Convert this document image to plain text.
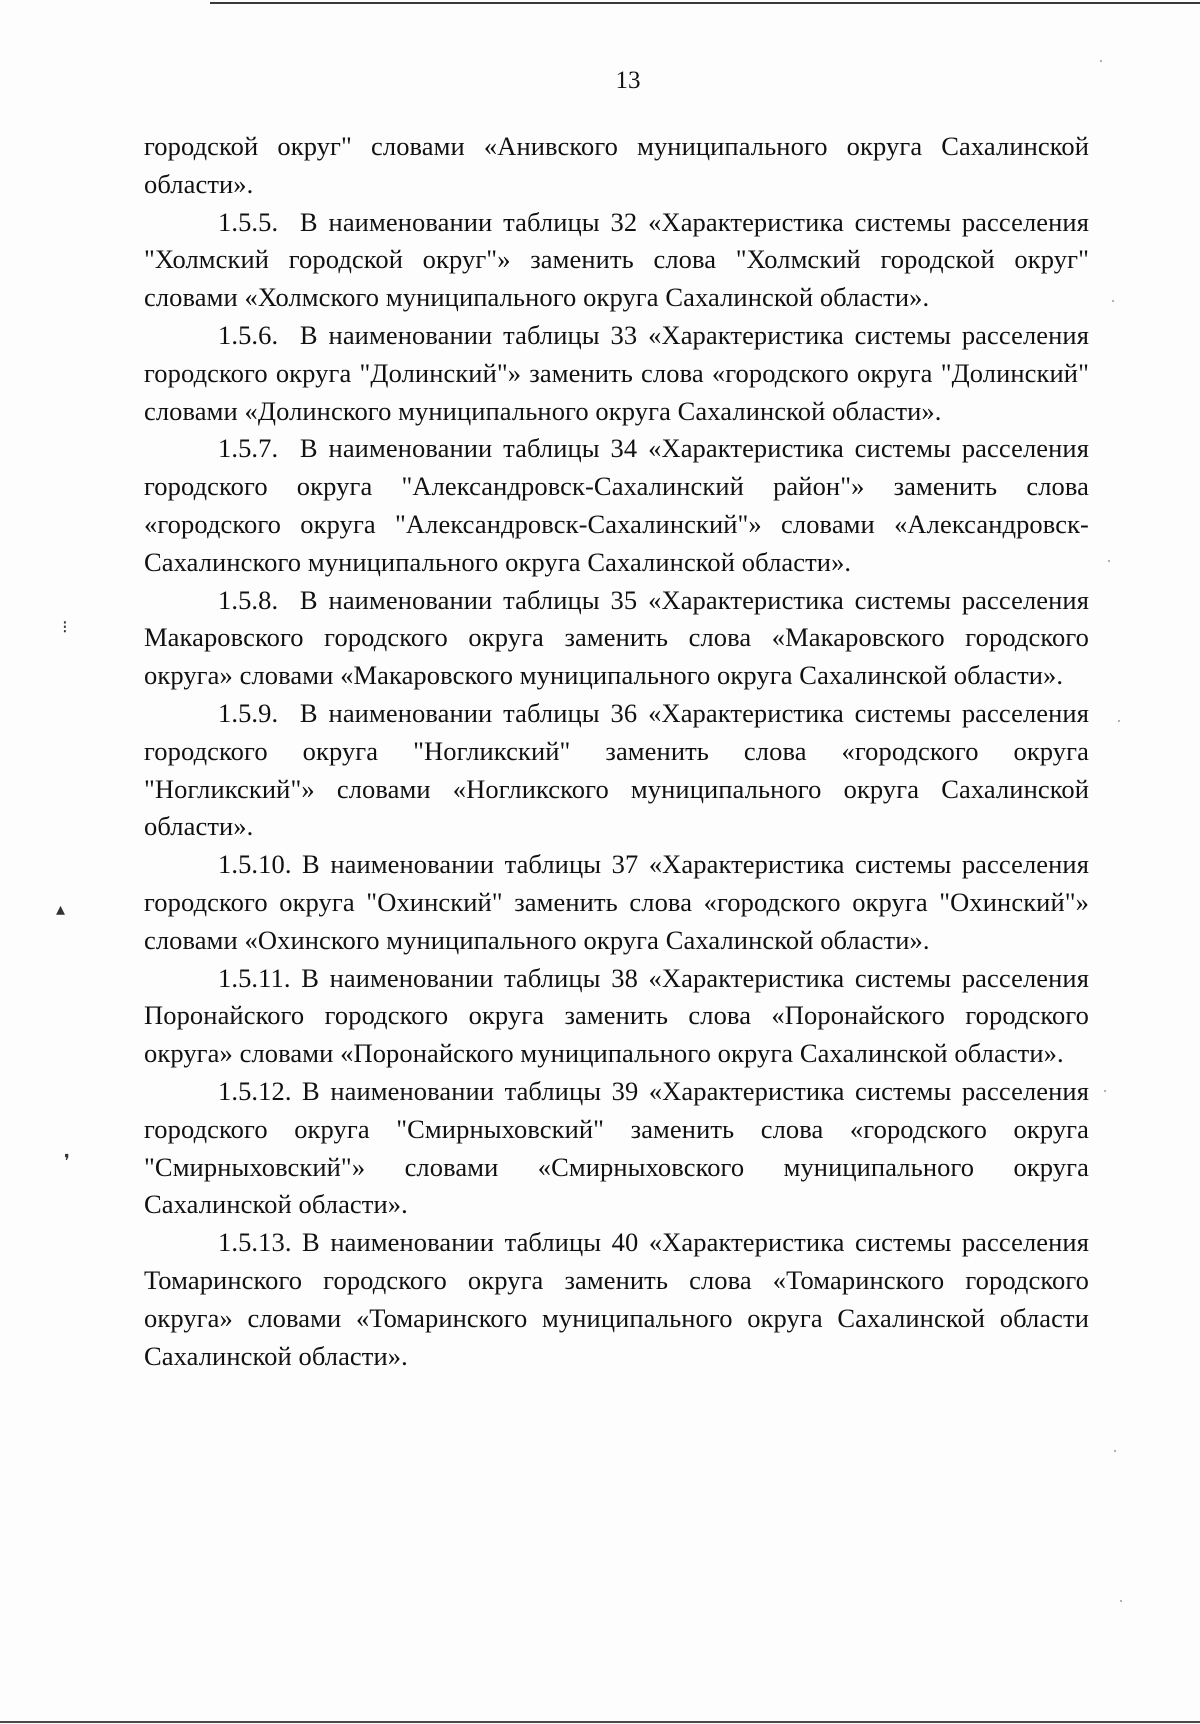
13

городской округ" словами «Анивского муниципального округа Сахалинской области».

1.5.5.  В наименовании таблицы 32 «Характеристика системы расселения "Холмский городской округ"» заменить слова "Холмский городской округ" словами «Холмского муниципального округа Сахалинской области».

1.5.6.  В наименовании таблицы 33 «Характеристика системы расселения городского округа "Долинский"» заменить слова «городского округа "Долинский" словами «Долинского муниципального округа Сахалинской области».

1.5.7.  В наименовании таблицы 34 «Характеристика системы расселения городского округа "Александровск-Сахалинский район"» заменить слова «городского округа "Александровск-Сахалинский"» словами «Александровск-Сахалинского муниципального округа Сахалинской области».

1.5.8.  В наименовании таблицы 35 «Характеристика системы расселения Макаровского городского округа заменить слова «Макаровского городского округа» словами «Макаровского муниципального округа Сахалинской области».

1.5.9.  В наименовании таблицы 36 «Характеристика системы расселения городского округа "Ногликский" заменить слова «городского округа "Ногликский"» словами «Ногликского муниципального округа Сахалинской области».

1.5.10. В наименовании таблицы 37 «Характеристика системы расселения городского округа "Охинский" заменить слова «городского округа "Охинский"» словами «Охинского муниципального округа Сахалинской области».

1.5.11. В наименовании таблицы 38 «Характеристика системы расселения Поронайского городского округа заменить слова «Поронайского городского округа» словами «Поронайского муниципального округа Сахалинской области».

1.5.12. В наименовании таблицы 39 «Характеристика системы расселения городского округа "Смирныховский" заменить слова «городского округа "Смирныховский"» словами «Смирныховского муниципального округа Сахалинской области».

1.5.13. В наименовании таблицы 40 «Характеристика системы расселения Томаринского городского округа заменить слова «Томаринского городского округа» словами «Томаринского муниципального округа Сахалинской области Сахалинской области».

⁝
▴
❜
